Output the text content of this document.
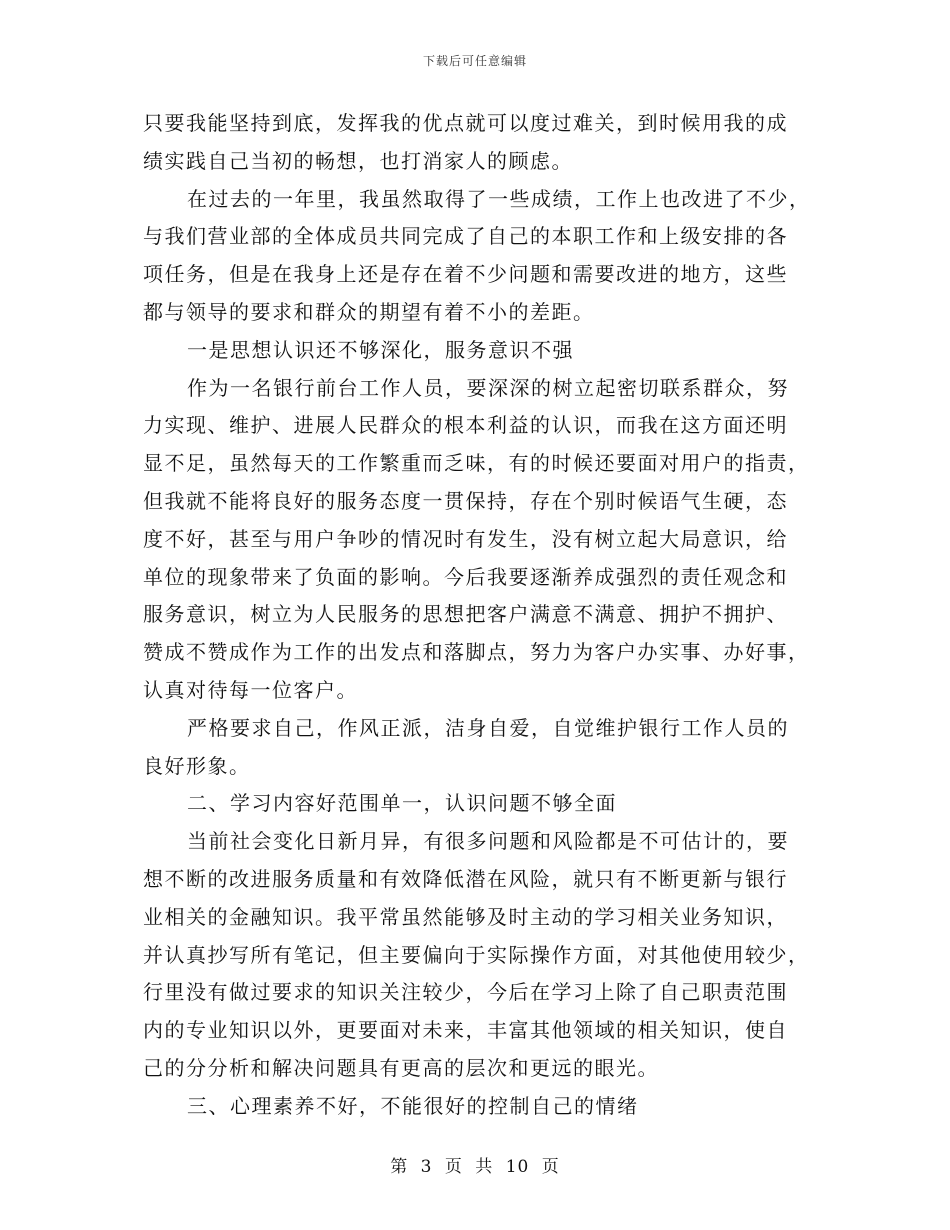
下载后可任意编辑
只要我能坚持到底，发挥我的优点就可以度过难关，到时候用我的成
绩实践自己当初的畅想，也打消家人的顾虑。
在过去的一年里，我虽然取得了一些成绩，工作上也改进了不少，
与我们营业部的全体成员共同完成了自己的本职工作和上级安排的各
项任务，但是在我身上还是存在着不少问题和需要改进的地方，这些
都与领导的要求和群众的期望有着不小的差距。
一是思想认识还不够深化，服务意识不强
作为一名银行前台工作人员，要深深的树立起密切联系群众，努
力实现、维护、进展人民群众的根本利益的认识，而我在这方面还明
显不足，虽然每天的工作繁重而乏味，有的时候还要面对用户的指责，
但我就不能将良好的服务态度一贯保持，存在个别时候语气生硬，态
度不好，甚至与用户争吵的情况时有发生，没有树立起大局意识，给
单位的现象带来了负面的影响。今后我要逐渐养成强烈的责任观念和
服务意识，树立为人民服务的思想把客户满意不满意、拥护不拥护、
赞成不赞成作为工作的出发点和落脚点，努力为客户办实事、办好事，
认真对待每一位客户。
严格要求自己，作风正派，洁身自爱，自觉维护银行工作人员的
良好形象。
二、学习内容好范围单一，认识问题不够全面
当前社会变化日新月异，有很多问题和风险都是不可估计的，要
想不断的改进服务质量和有效降低潜在风险，就只有不断更新与银行
业相关的金融知识。我平常虽然能够及时主动的学习相关业务知识，
并认真抄写所有笔记，但主要偏向于实际操作方面，对其他使用较少，
行里没有做过要求的知识关注较少，今后在学习上除了自己职责范围
内的专业知识以外，更要面对未来，丰富其他领域的相关知识，使自
己的分分析和解决问题具有更高的层次和更远的眼光。
三、心理素养不好，不能很好的控制自己的情绪
第 3 页 共 10 页
